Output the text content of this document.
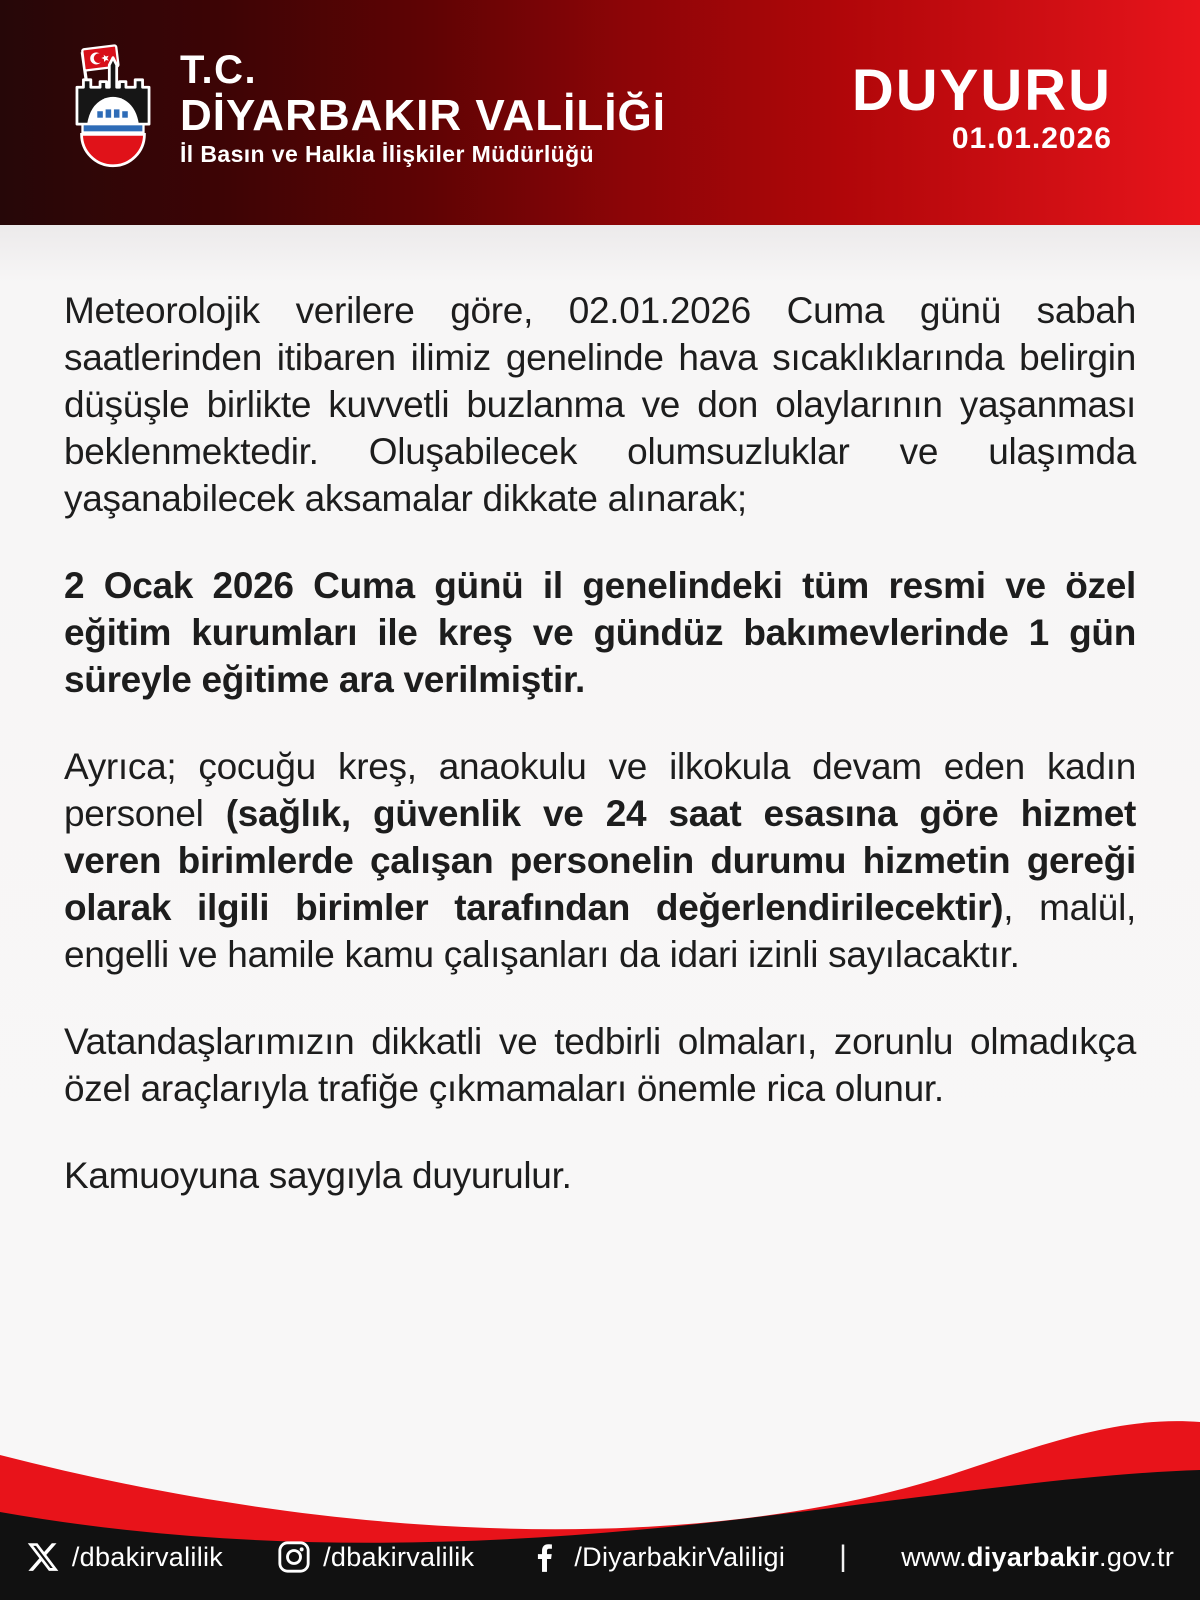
T.C.
DİYARBAKIR VALİLİĞİ
İl Basın ve Halkla İlişkiler Müdürlüğü
DUYURU
01.01.2026

Meteorolojik verilere göre, 02.01.2026 Cuma günü sabah saatlerinden itibaren ilimiz genelinde hava sıcaklıklarında belirgin düşüşle birlikte kuvvetli buzlanma ve don olaylarının yaşanması beklenmektedir. Oluşabilecek olumsuzluklar ve ulaşımda yaşanabilecek aksamalar dikkate alınarak;

2 Ocak 2026 Cuma günü il genelindeki tüm resmi ve özel eğitim kurumları ile kreş ve gündüz bakımevlerinde 1 gün süreyle eğitime ara verilmiştir.

Ayrıca; çocuğu kreş, anaokulu ve ilkokula devam eden kadın personel (sağlık, güvenlik ve 24 saat esasına göre hizmet veren birimlerde çalışan personelin durumu hizmetin gereği olarak ilgili birimler tarafından değerlendirilecektir), malül, engelli ve hamile kamu çalışanları da idari izinli sayılacaktır.

Vatandaşlarımızın dikkatli ve tedbirli olmaları, zorunlu olmadıkça özel araçlarıyla trafiğe çıkmamaları önemle rica olunur.

Kamuoyuna saygıyla duyurulur.

/dbakirvalilik	/dbakirvalilik	/DiyarbakirValiligi | www. diyarbakir .gov.tr
